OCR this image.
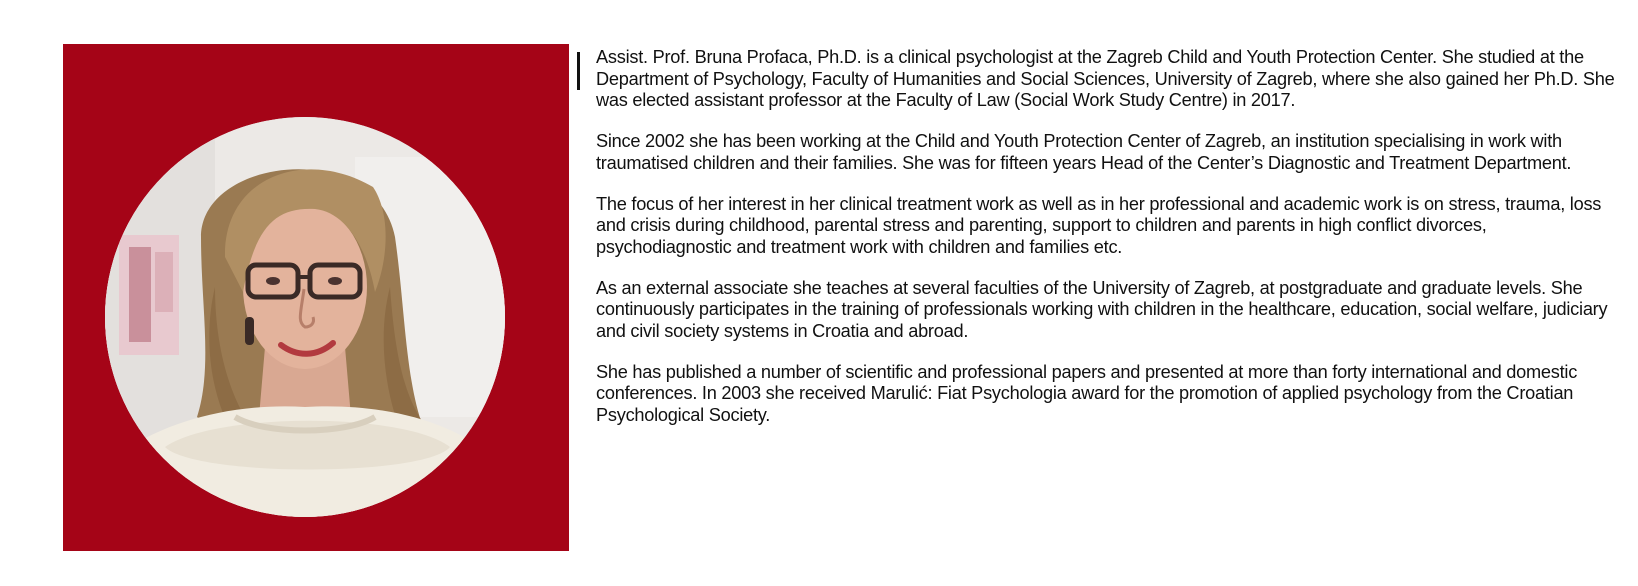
Assist. Prof. Bruna Profaca, Ph.D. is a clinical psychologist at the Zagreb Child and Youth Protection Center. She studied at the Department of Psychology, Faculty of Humanities and Social Sciences, University of Zagreb, where she also gained her Ph.D. She was elected assistant professor at the Faculty of Law (Social Work Study Centre) in 2017.

Since 2002 she has been working at the Child and Youth Protection Center of Zagreb, an institution specialising in work with traumatised children and their families. She was for fifteen years Head of the Center’s Diagnostic and Treatment Department.

The focus of her interest in her clinical treatment work as well as in her professional and academic work is on stress, trauma, loss and crisis during childhood, parental stress and parenting, support to children and parents in high conflict divorces, psychodiagnostic and treatment work with children and families etc.

As an external associate she teaches at several faculties of the University of Zagreb, at postgraduate and graduate levels. She continuously participates in the training of professionals working with children in the healthcare, education, social welfare, judiciary and civil society systems in Croatia and abroad.

She has published a number of scientific and professional papers and presented at more than forty international and domestic conferences. In 2003 she received Marulić: Fiat Psychologia award for the promotion of applied psychology from the Croatian Psychological Society.
